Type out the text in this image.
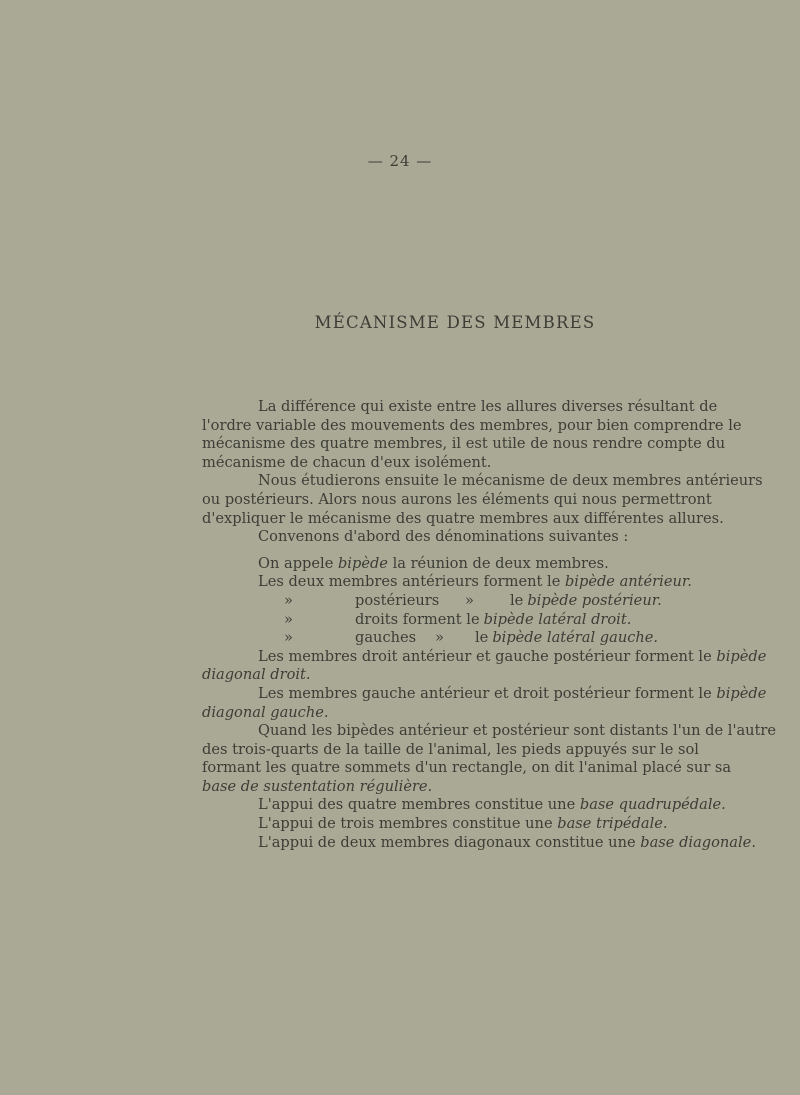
— 24 —
MÉCANISME DES MEMBRES
La différence qui existe entre les allures diverses résultant de
l'ordre variable des mouvements des membres, pour bien comprendre le
mécanisme des quatre membres, il est utile de nous rendre compte du
mécanisme de chacun d'eux isolément.
Nous étudierons ensuite le mécanisme de deux membres antérieurs
ou postérieurs. Alors nous aurons les éléments qui nous permettront
d'expliquer le mécanisme des quatre membres aux différentes allures.
Convenons d'abord des dénominations suivantes :
On appele bipède la réunion de deux membres.
Les deux membres antérieurs forment le bipède antérieur.
»	postérieurs	»	le bipède postérieur.
»	droits forment le bipède latéral droit.
»	gauches	»	le bipède latéral gauche.
Les membres droit antérieur et gauche postérieur forment le bipède
diagonal droit.
Les membres gauche antérieur et droit postérieur forment le bipède
diagonal gauche.
Quand les bipèdes antérieur et postérieur sont distants l'un de l'autre
des trois-quarts de la taille de l'animal, les pieds appuyés sur le sol
formant les quatre sommets d'un rectangle, on dit l'animal placé sur sa
base de sustentation régulière.
L'appui des quatre membres constitue une base quadrupédale.
L'appui de trois membres constitue une base tripédale.
L'appui de deux membres diagonaux constitue une base diagonale.
